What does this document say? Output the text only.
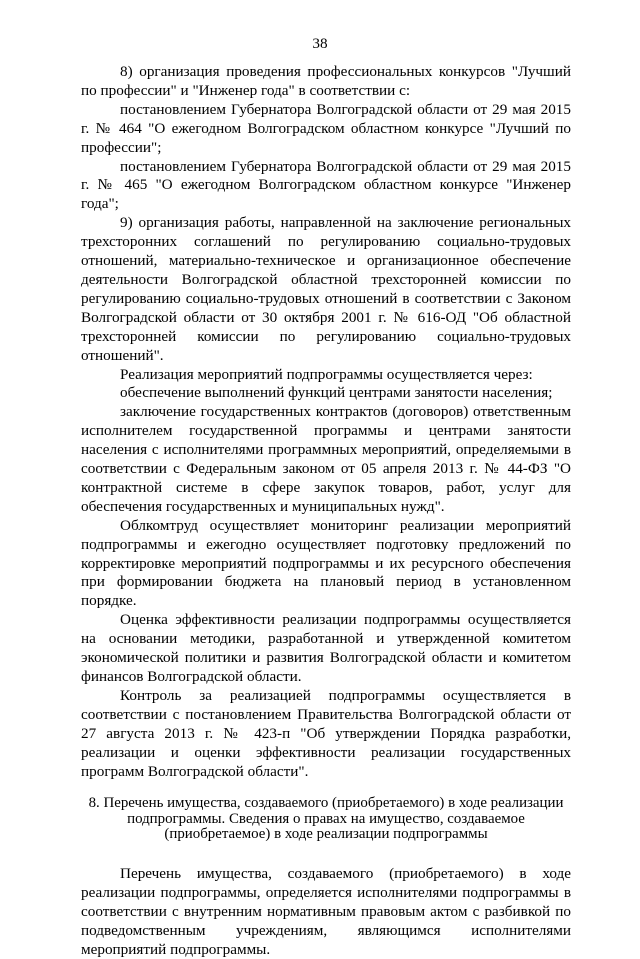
38

8) организация проведения профессиональных конкурсов "Лучший по профессии" и "Инженер года" в соответствии с:

постановлением Губернатора Волгоградской области от 29 мая 2015 г. № 464 "О ежегодном Волгоградском областном конкурсе "Лучший по профессии";

постановлением Губернатора Волгоградской области от 29 мая 2015 г. № 465 "О ежегодном Волгоградском областном конкурсе "Инженер года";

9) организация работы, направленной на заключение региональных трехсторонних соглашений по регулированию социально-трудовых отношений, материально-техническое и организационное обеспечение деятельности Волгоградской областной трехсторонней комиссии по регулированию социально-трудовых отношений в соответствии с Законом Волгоградской области от 30 октября 2001 г. № 616-ОД "Об областной трехсторонней комиссии по регулированию социально-трудовых отношений".

Реализация мероприятий подпрограммы осуществляется через:

обеспечение выполнений функций центрами занятости населения;

заключение государственных контрактов (договоров) ответственным исполнителем государственной программы и центрами занятости населения с исполнителями программных мероприятий, определяемыми в соответствии с Федеральным законом от 05 апреля 2013 г. № 44-ФЗ "О контрактной системе в сфере закупок товаров, работ, услуг для обеспечения государственных и муниципальных нужд".

Облкомтруд осуществляет мониторинг реализации мероприятий подпрограммы и ежегодно осуществляет подготовку предложений по корректировке мероприятий подпрограммы и их ресурсного обеспечения при формировании бюджета на плановый период в установленном порядке.

Оценка эффективности реализации подпрограммы осуществляется на основании методики, разработанной и утвержденной комитетом экономической политики и развития Волгоградской области и комитетом финансов Волгоградской области.

Контроль за реализацией подпрограммы осуществляется в соответствии с постановлением Правительства Волгоградской области от 27 августа 2013 г. № 423-п "Об утверждении Порядка разработки, реализации и оценки эффективности реализации государственных программ Волгоградской области".

8. Перечень имущества, создаваемого (приобретаемого) в ходе реализации подпрограммы. Сведения о правах на имущество, создаваемое (приобретаемое) в ходе реализации подпрограммы

Перечень имущества, создаваемого (приобретаемого) в ходе реализации подпрограммы, определяется исполнителями подпрограммы в соответствии с внутренним нормативным правовым актом с разбивкой по подведомственным учреждениям, являющимся исполнителями мероприятий подпрограммы.
